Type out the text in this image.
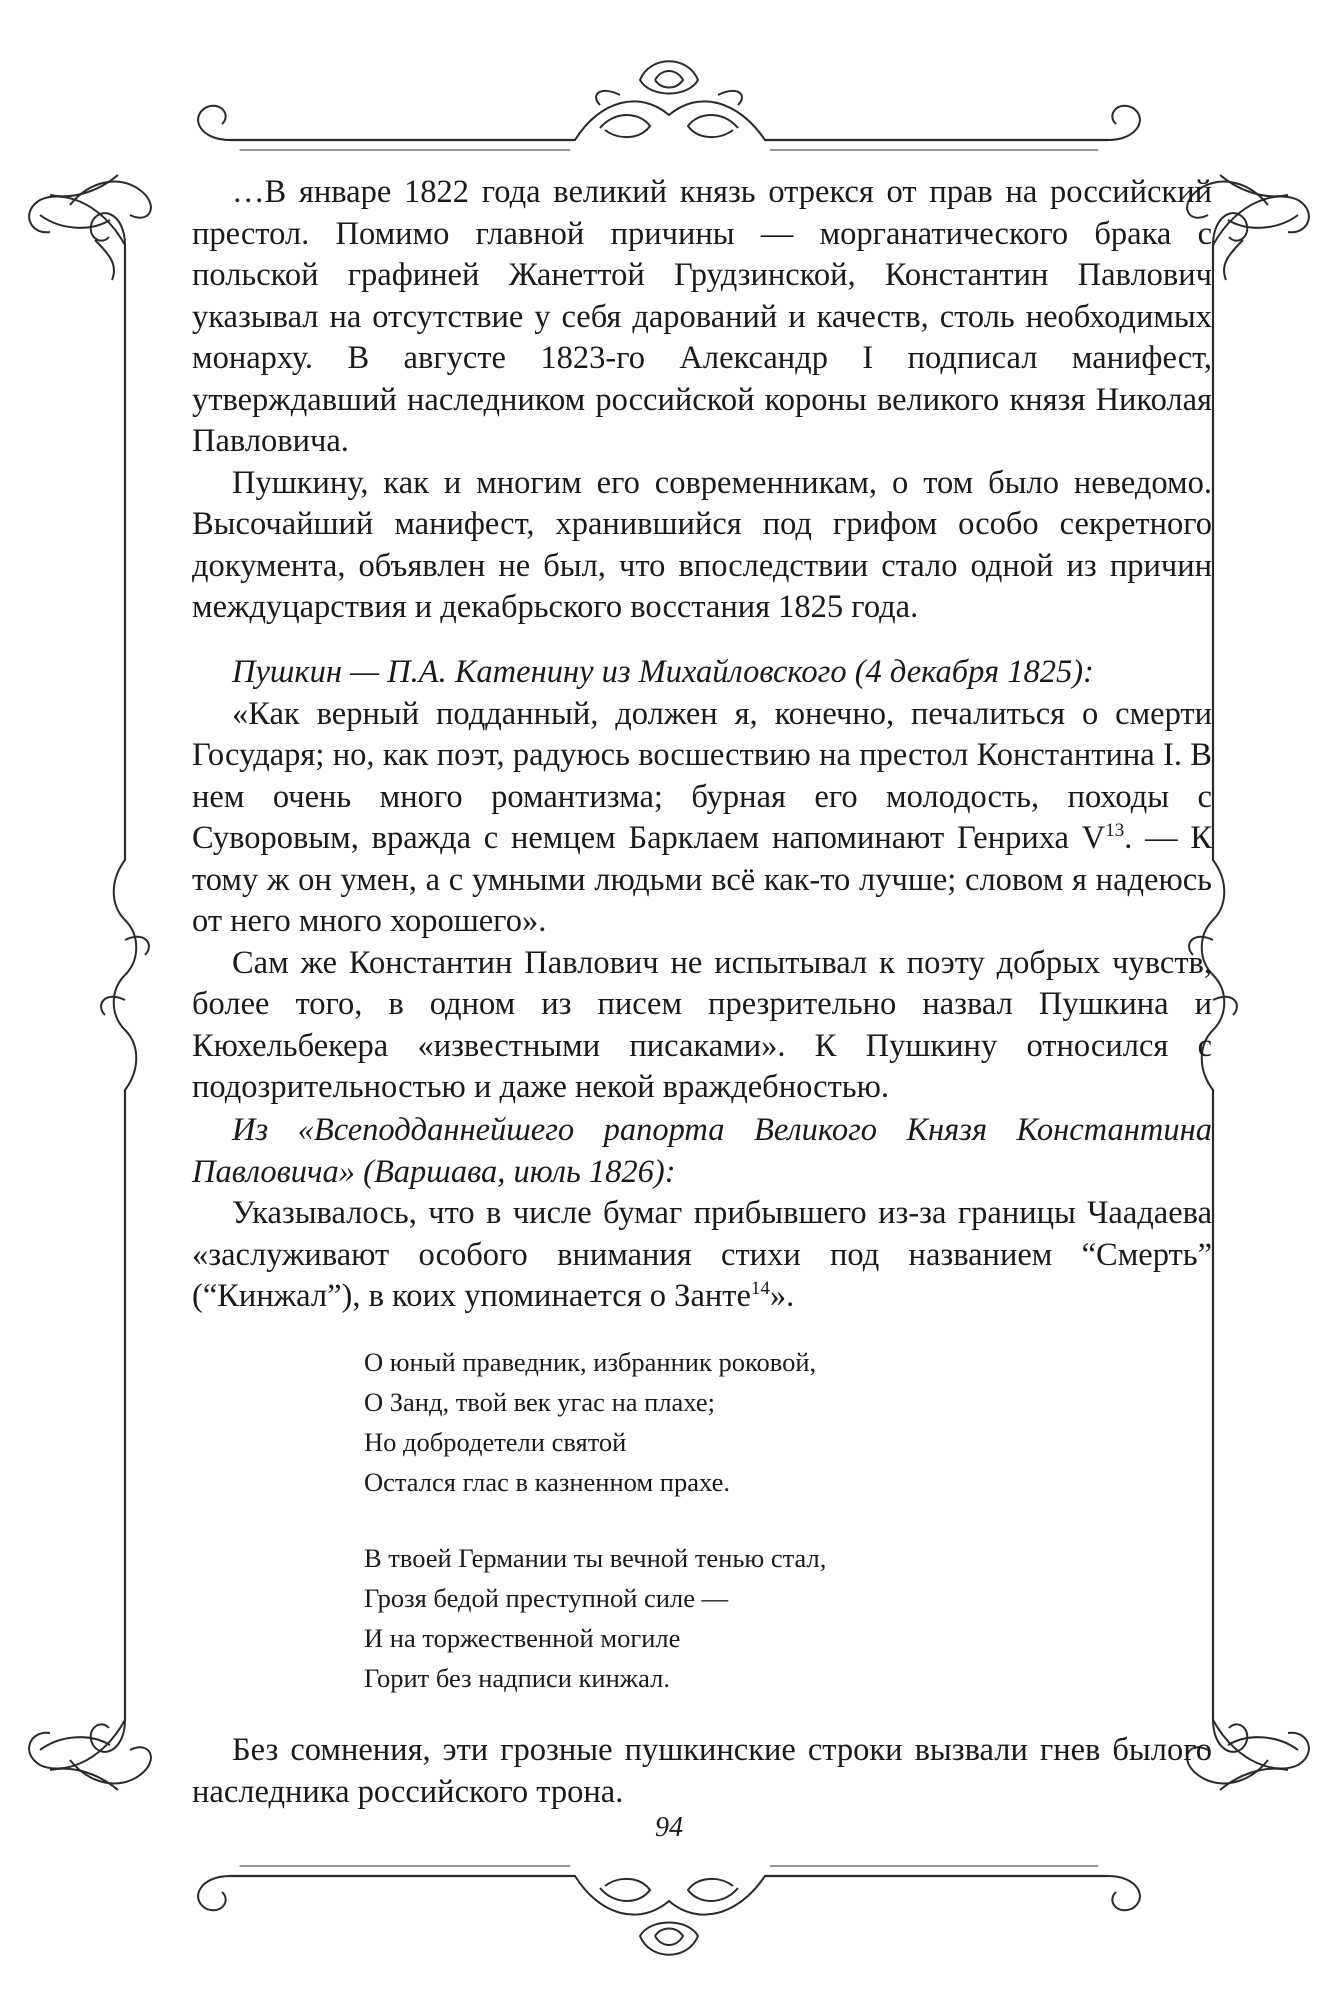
…В январе 1822 года великий князь отрекся от прав на российский престол. Помимо главной причины — морганатического брака с польской графиней Жанеттой Грудзинской, Константин Павлович указывал на отсутствие у себя дарований и качеств, столь необходимых монарху. В августе 1823-го Александр I подписал манифест, утверждавший наследником российской короны великого князя Николая Павловича.

Пушкину, как и многим его современникам, о том было неведомо. Высочайший манифест, хранившийся под грифом особо секретного документа, объявлен не был, что впоследствии стало одной из причин междуцарствия и декабрьского восстания 1825 года.

Пушкин — П.А. Катенину из Михайловского (4 декабря 1825):

«Как верный подданный, должен я, конечно, печалиться о смерти Государя; но, как поэт, радуюсь восшествию на престол Константина I. В нем очень много романтизма; бурная его молодость, походы с Суворовым, вражда с немцем Барклаем напоминают Генриха $V^{13}$. — К тому ж он умен, а с умными людьми всё как-то лучше; словом я надеюсь от него много хорошего».

Сам же Константин Павлович не испытывал к поэту добрых чувств, более того, в одном из писем презрительно назвал Пушкина и Кюхельбекера «известными писаками». К Пушкину относился с подозрительностью и даже некой враждебностью.

Из «Всеподданнейшего рапорта Великого Князя Константина Павловича» (Варшава, июль 1826):

Указывалось, что в числе бумаг прибывшего из-за границы Чаадаева «заслуживают особого внимания стихи под названием “Смерть” (“Кинжал”), в коих упоминается о Занте$^{14}$».

О юный праведник, избранник роковой,
О Занд, твой век угас на плахе;
Но добродетели святой
Остался глас в казненном прахе.
В твоей Германии ты вечной тенью стал,
Грозя бедой преступной силе —
И на торжественной могиле
Горит без надписи кинжал.

Без сомнения, эти грозные пушкинские строки вызвали гнев былого наследника российского трона.

94
